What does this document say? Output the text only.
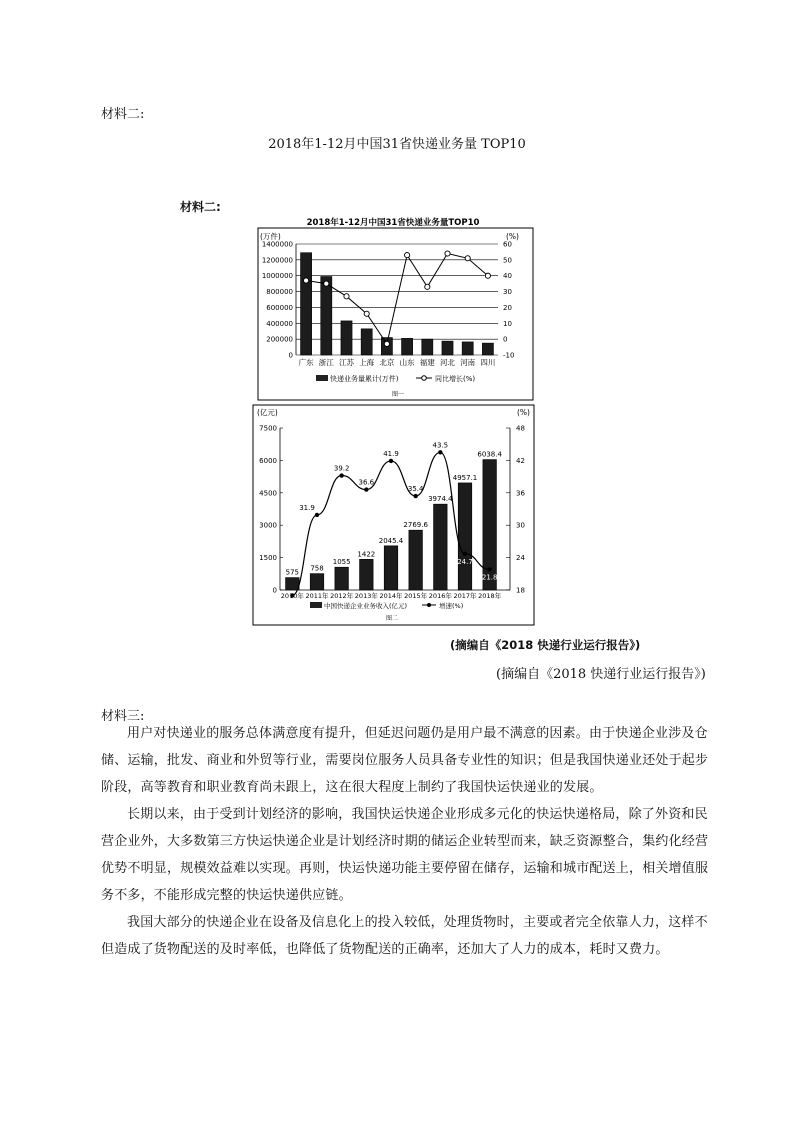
材料二:
2018年1-12月中国31省快递业务量 TOP10
材料二:
2018年1-12月中国31省快递业务量TOP10
(万件)	(%)
0
200000
400000
600000
800000
1000000
1200000
1400000
-10
0
10
20
30
40
50
60
广东 浙江 江苏 上海 北京 山东 福建 河北 河南 四川
快递业务量累计(万件)	同比增长(%)
图一
(亿元)	(%)
0
1500
3000
4500
6000
7500
18
24
30
36
42
48
575 758
1055
1422
2045.4
2769.6
3974.4
4957.1
6038.4
31.9
39.2
36.6
41.9
35.4
43.5
24.7
21.8
2010年 2011年 2012年 2013年 2014年 2015年 2016年 2017年 2018年
中国快递企业业务收入(亿元)	增速(%)
图二
(摘编自《2018 快递行业运行报告》)
(摘编自《2018 快递行业运行报告》)
材料三:

用户对快递业的服务总体满意度有提升，但延迟问题仍是用户最不满意的因素。由于快递企业涉及仓储、运输，批发、商业和外贸等行业，需要岗位服务人员具备专业性的知识；但是我国快递业还处于起步阶段，高等教育和职业教育尚未跟上，这在很大程度上制约了我国快运快递业的发展。

长期以来，由于受到计划经济的影响，我国快运快递企业形成多元化的快运快递格局，除了外资和民营企业外，大多数第三方快运快递企业是计划经济时期的储运企业转型而来，缺乏资源整合，集约化经营优势不明显，规模效益难以实现。再则，快运快递功能主要停留在储存，运输和城市配送上，相关增值服务不多，不能形成完整的快运快递供应链。

我国大部分的快递企业在设备及信息化上的投入较低，处理货物时，主要或者完全依靠人力，这样不但造成了货物配送的及时率低，也降低了货物配送的正确率，还加大了人力的成本，耗时又费力。
